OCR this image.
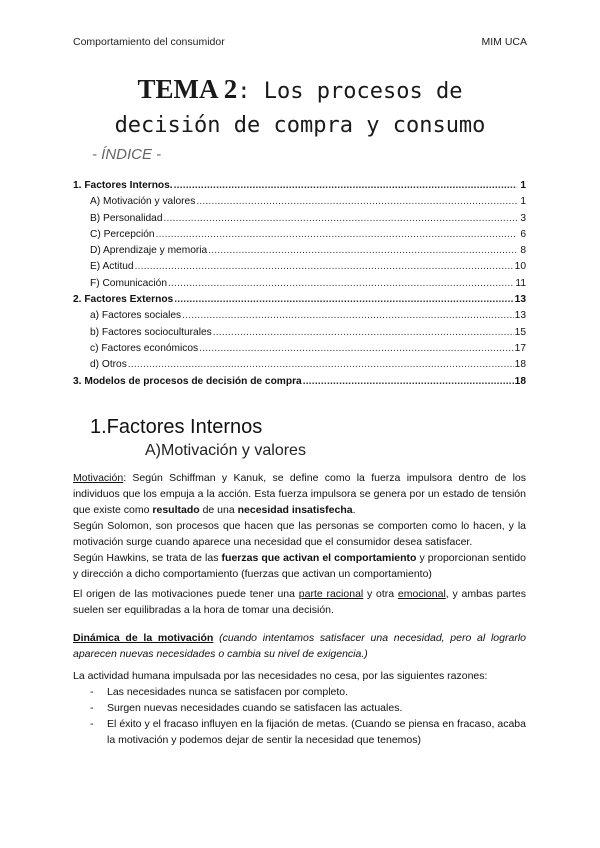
Comportamiento del consumidor	MIM UCA
TEMA 2: Los procesos de
decisión de compra y consumo
- ÍNDICE -
1. Factores Internos. .....	1
A) Motivación y valores .....	1
B) Personalidad .....	3
C) Percepción .....	6
D) Aprendizaje y memoria .....	8
E) Actitud .....	10
F) Comunicación .....	11
2. Factores Externos .....	13
a) Factores sociales .....	13
b) Factores socioculturales .....	15
c) Factores económicos .....	17
d) Otros .....	18
3. Modelos de procesos de decisión de compra .....	18
1.Factores Internos
A)Motivación y valores
Motivación: Según Schiffman y Kanuk, se define como la fuerza impulsora dentro de los individuos que los empuja a la acción. Esta fuerza impulsora se genera por un estado de tensión que existe como resultado de una necesidad insatisfecha.
Según Solomon, son procesos que hacen que las personas se comporten como lo hacen, y la motivación surge cuando aparece una necesidad que el consumidor desea satisfacer.
Según Hawkins, se trata de las fuerzas que activan el comportamiento y proporcionan sentido y dirección a dicho comportamiento (fuerzas que activan un comportamiento)
El origen de las motivaciones puede tener una parte racional y otra emocional, y ambas partes suelen ser equilibradas a la hora de tomar una decisión.
Dinámica de la motivación (cuando intentamos satisfacer una necesidad, pero al lograrlo aparecen nuevas necesidades o cambia su nivel de exigencia.)
La actividad humana impulsada por las necesidades no cesa, por las siguientes razones:
- Las necesidades nunca se satisfacen por completo.
- Surgen nuevas necesidades cuando se satisfacen las actuales.
- El éxito y el fracaso influyen en la fijación de metas. (Cuando se piensa en fracaso, acaba la motivación y podemos dejar de sentir la necesidad que tenemos)
